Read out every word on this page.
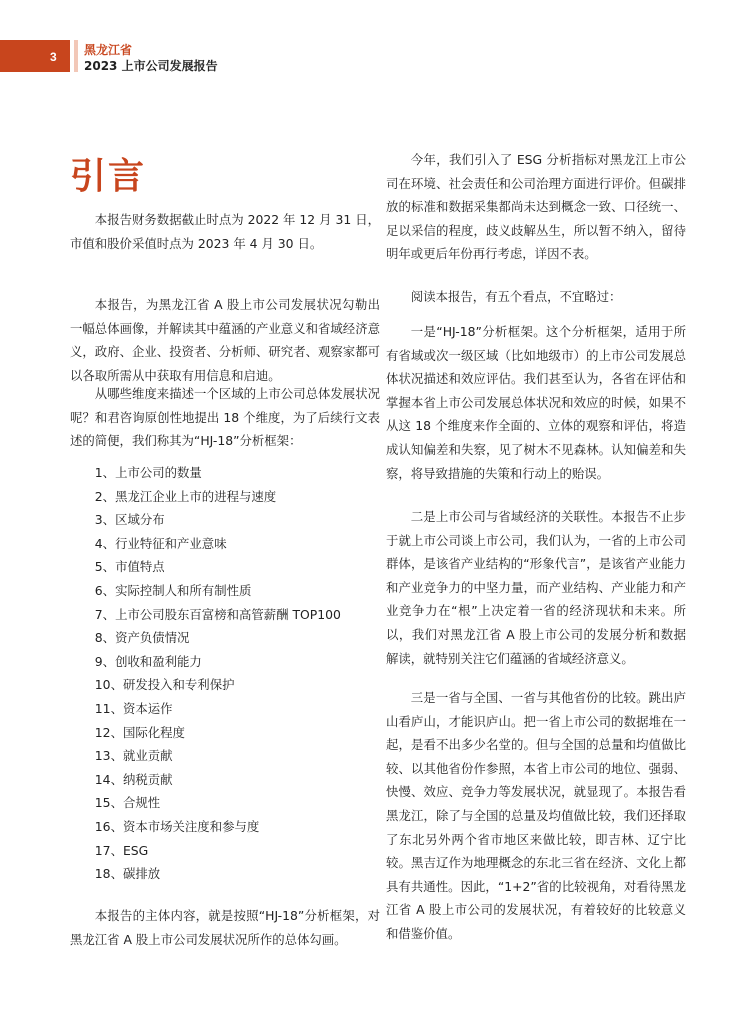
3 黑龙江省
2023 上市公司发展报告
引言

本报告财务数据截止时点为 2022 年 12 月 31 日，市值和股价采值时点为 2023 年 4 月 30 日。

本报告，为黑龙江省 A 股上市公司发展状况勾勒出一幅总体画像，并解读其中蕴涵的产业意义和省域经济意义，政府、企业、投资者、分析师、研究者、观察家都可以各取所需从中获取有用信息和启迪。

从哪些维度来描述一个区域的上市公司总体发展状况呢？和君咨询原创性地提出 18 个维度，为了后续行文表述的简便，我们称其为“HJ-18”分析框架：

1、上市公司的数量
2、黑龙江企业上市的进程与速度
3、区域分布
4、行业特征和产业意味
5、市值特点
6、实际控制人和所有制性质
7、上市公司股东百富榜和高管薪酬 TOP100
8、资产负债情况
9、创收和盈利能力
10、研发投入和专利保护
11、资本运作
12、国际化程度
13、就业贡献
14、纳税贡献
15、合规性
16、资本市场关注度和参与度
17、ESG
18、碳排放

本报告的主体内容，就是按照“HJ-18”分析框架，对黑龙江省 A 股上市公司发展状况所作的总体勾画。

今年，我们引入了 ESG 分析指标对黑龙江上市公司在环境、社会责任和公司治理方面进行评价。但碳排放的标准和数据采集都尚未达到概念一致、口径统一、足以采信的程度，歧义歧解丛生，所以暂不纳入，留待明年或更后年份再行考虑，详因不表。

阅读本报告，有五个看点，不宜略过：

一是“HJ-18”分析框架。这个分析框架，适用于所有省域或次一级区域（比如地级市）的上市公司发展总体状况描述和效应评估。我们甚至认为，各省在评估和掌握本省上市公司发展总体状况和效应的时候，如果不从这 18 个维度来作全面的、立体的观察和评估，将造成认知偏差和失察，见了树木不见森林。认知偏差和失察，将导致措施的失策和行动上的贻误。

二是上市公司与省域经济的关联性。本报告不止步于就上市公司谈上市公司，我们认为，一省的上市公司群体，是该省产业结构的“形象代言”，是该省产业能力和产业竞争力的中坚力量，而产业结构、产业能力和产业竞争力在“根”上决定着一省的经济现状和未来。所以，我们对黑龙江省 A 股上市公司的发展分析和数据解读，就特别关注它们蕴涵的省域经济意义。

三是一省与全国、一省与其他省份的比较。跳出庐山看庐山，才能识庐山。把一省上市公司的数据堆在一起，是看不出多少名堂的。但与全国的总量和均值做比较、以其他省份作参照，本省上市公司的地位、强弱、快慢、效应、竞争力等发展状况，就显现了。本报告看黑龙江，除了与全国的总量及均值做比较，我们还择取了东北另外两个省市地区来做比较，即吉林、辽宁比较。黑吉辽作为地理概念的东北三省在经济、文化上都具有共通性。因此，“1+2”省的比较视角，对看待黑龙江省 A 股上市公司的发展状况，有着较好的比较意义和借鉴价值。
